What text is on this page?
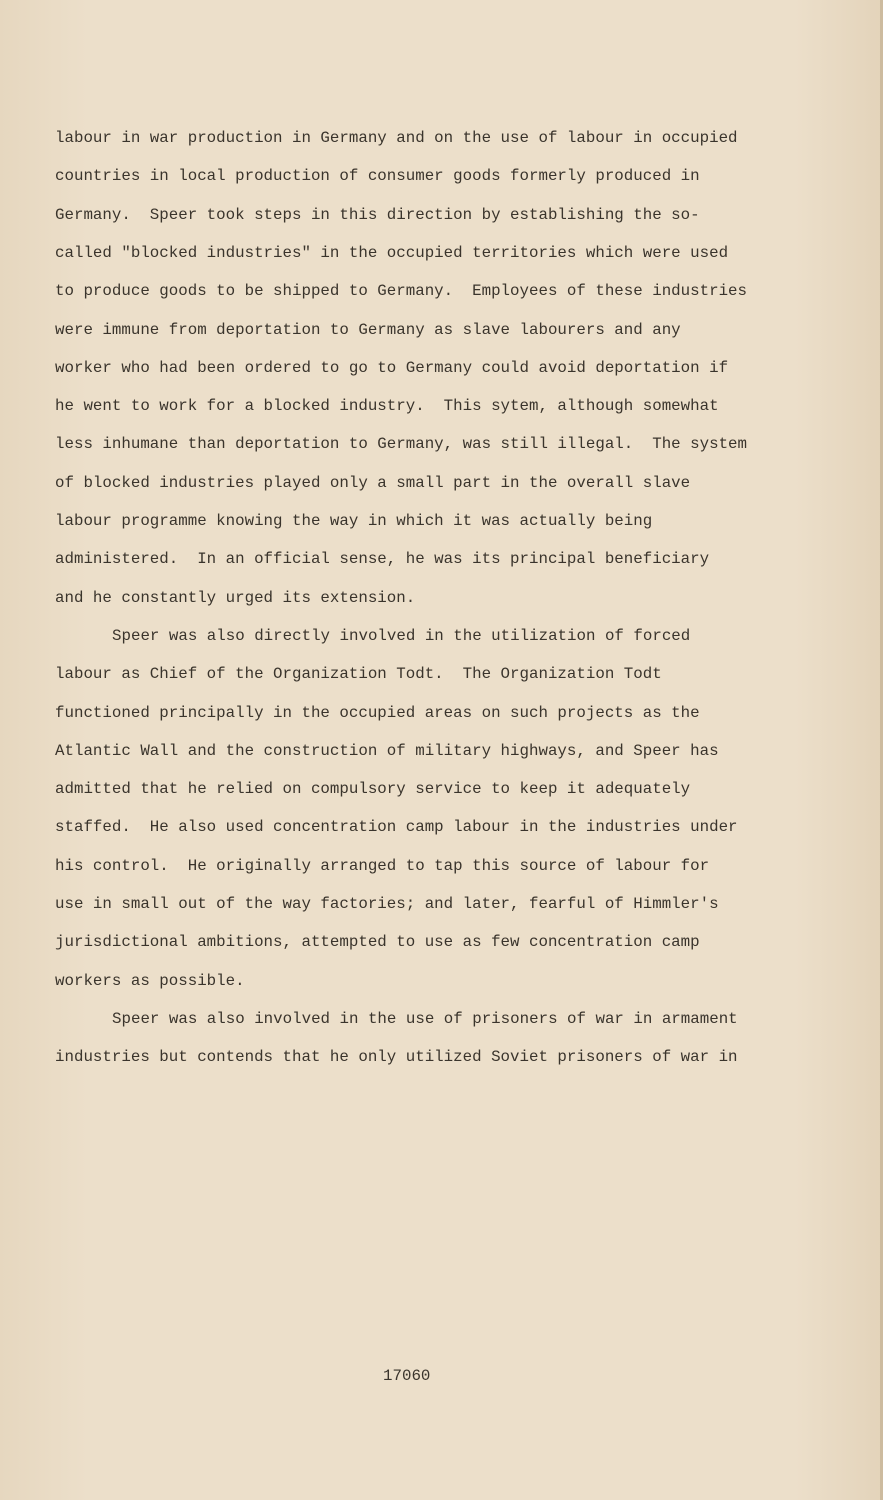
labour in war production in Germany and on the use of labour in occupied
countries in local production of consumer goods formerly produced in
Germany.  Speer took steps in this direction by establishing the so-
called "blocked industries" in the occupied territories which were used
to produce goods to be shipped to Germany.  Employees of these industries
were immune from deportation to Germany as slave labourers and any
worker who had been ordered to go to Germany could avoid deportation if
he went to work for a blocked industry.  This sytem, although somewhat
less inhumane than deportation to Germany, was still illegal.  The system
of blocked industries played only a small part in the overall slave
labour programme knowing the way in which it was actually being
administered.  In an official sense, he was its principal beneficiary
and he constantly urged its extension.
Speer was also directly involved in the utilization of forced
labour as Chief of the Organization Todt.  The Organization Todt
functioned principally in the occupied areas on such projects as the
Atlantic Wall and the construction of military highways, and Speer has
admitted that he relied on compulsory service to keep it adequately
staffed.  He also used concentration camp labour in the industries under
his control.  He originally arranged to tap this source of labour for
use in small out of the way factories; and later, fearful of Himmler's
jurisdictional ambitions, attempted to use as few concentration camp
workers as possible.
Speer was also involved in the use of prisoners of war in armament
industries but contends that he only utilized Soviet prisoners of war in
17060
